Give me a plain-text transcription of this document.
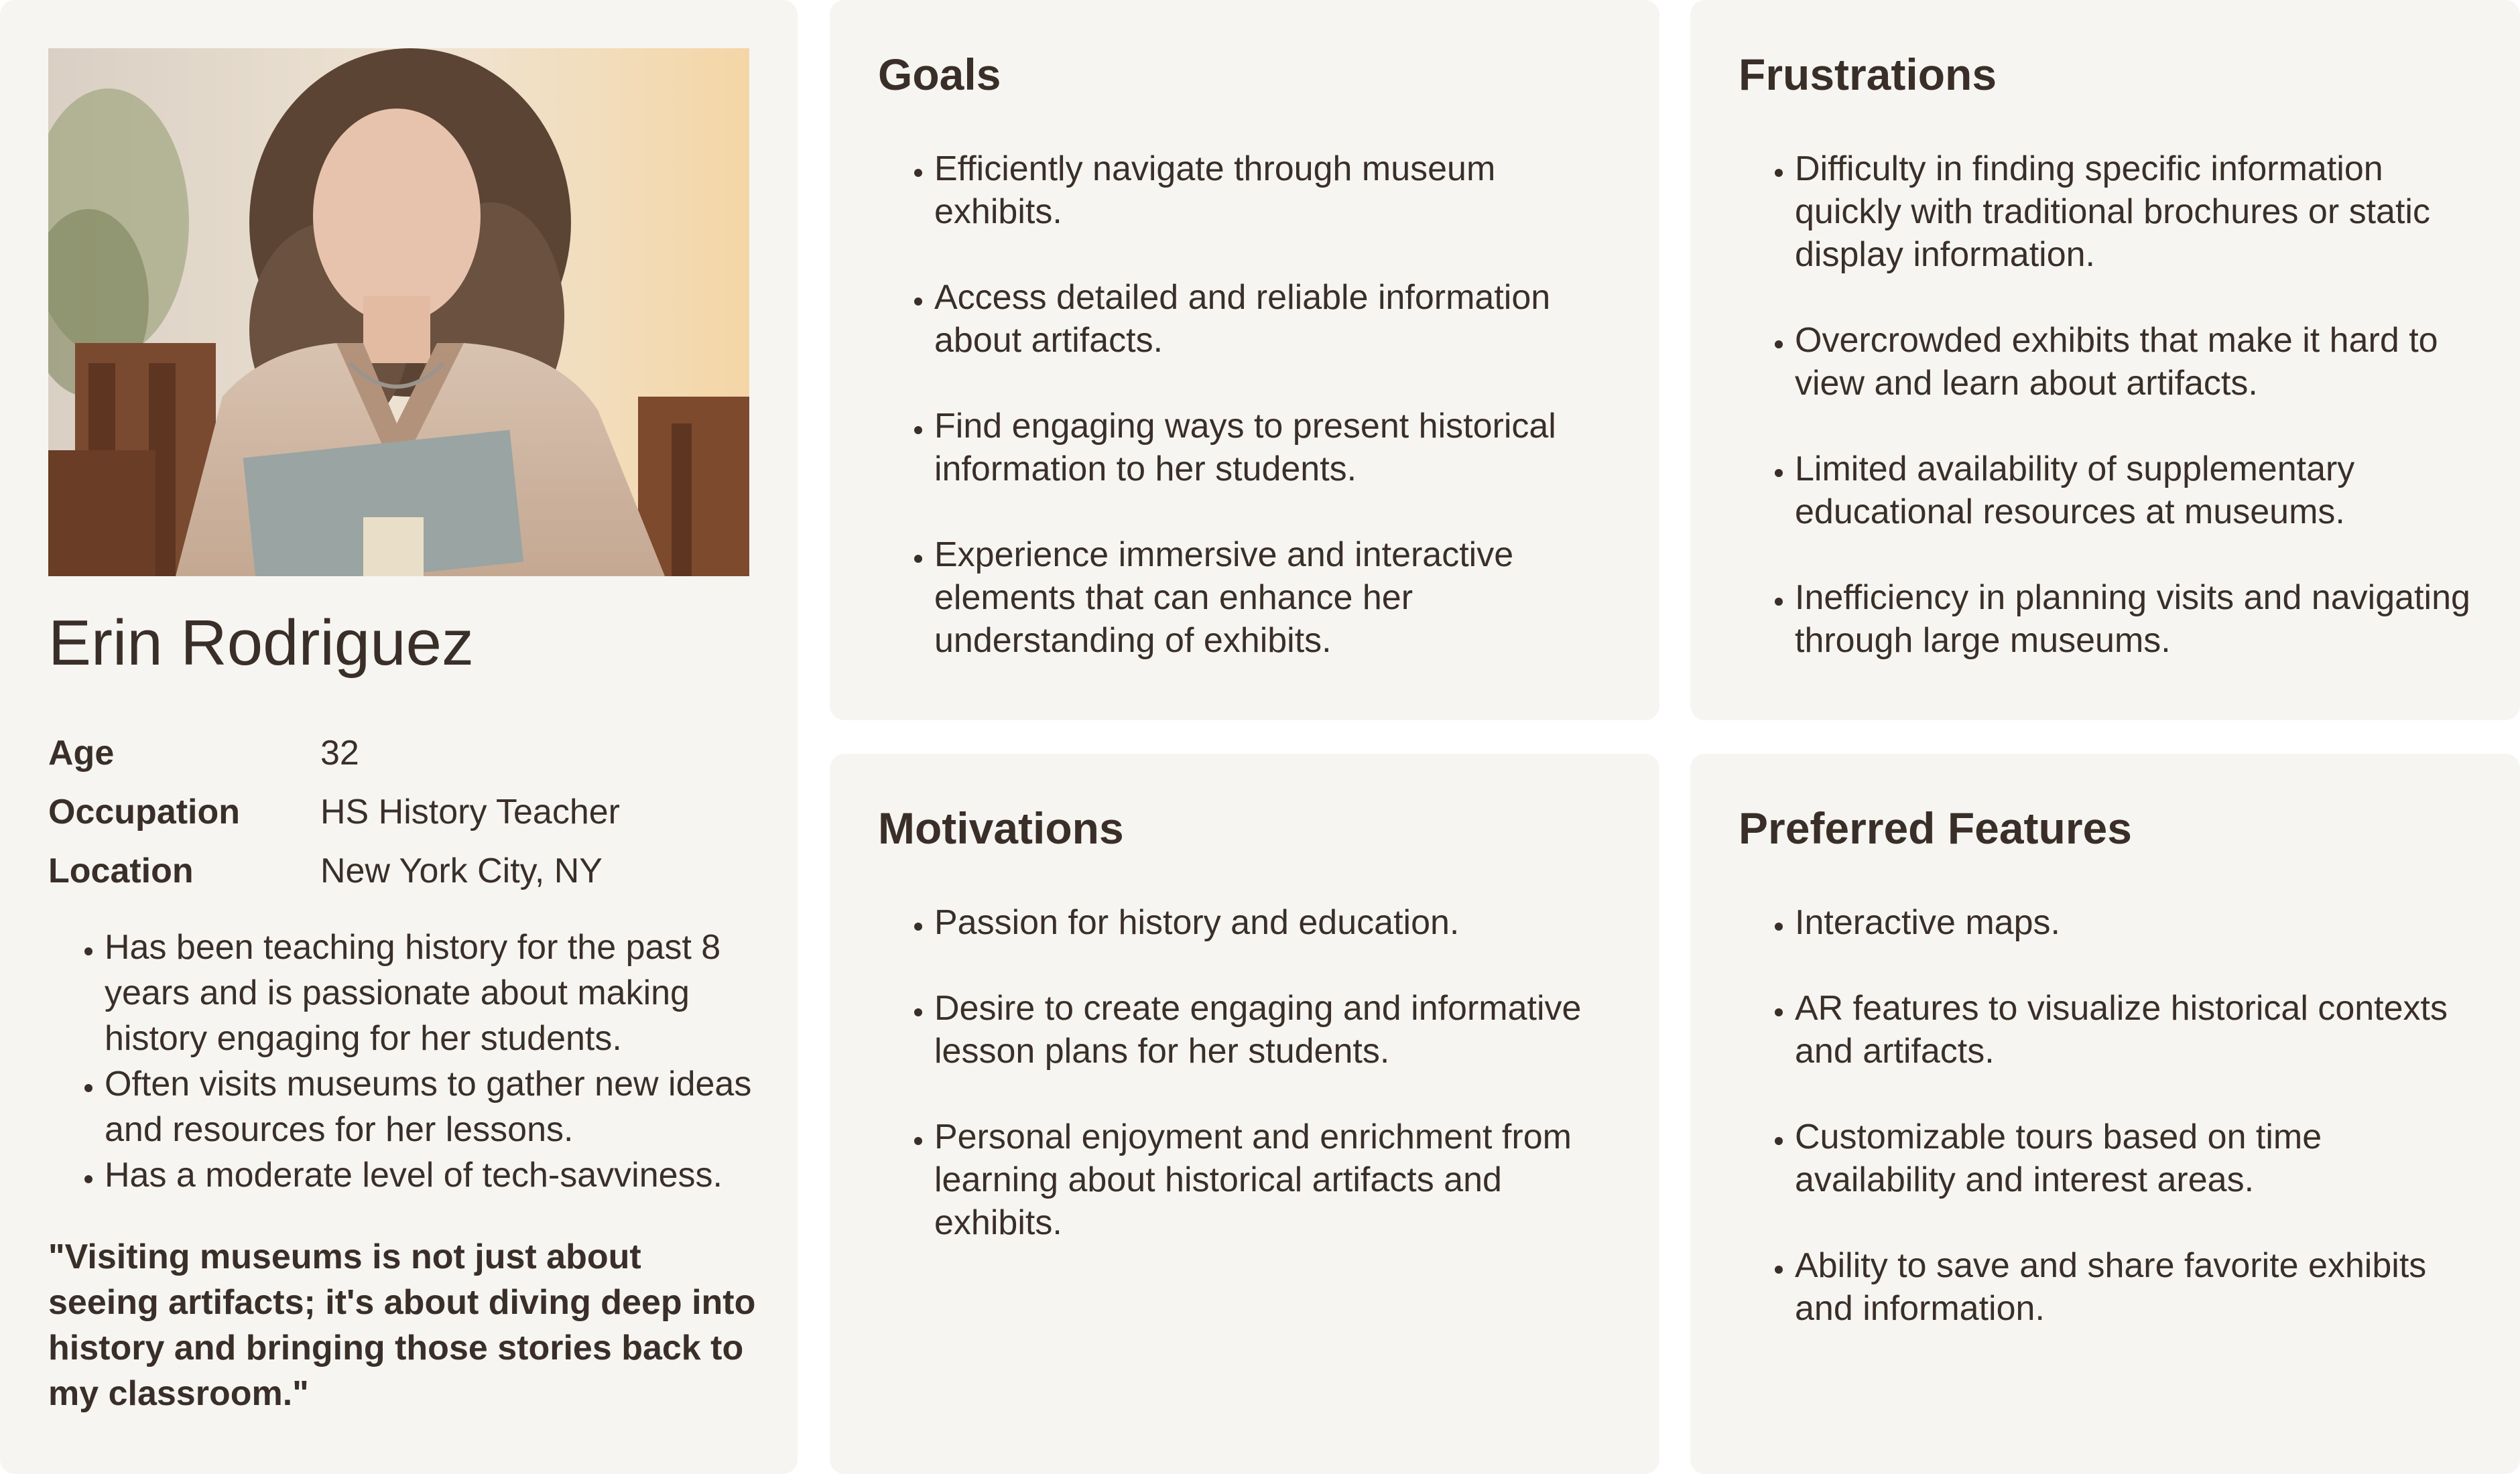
Erin Rodriguez
Age	32
Occupation	HS History Teacher
Location	New York City, NY
• Has been teaching history for the past 8 years and is passionate about making history engaging for her students.
• Often visits museums to gather new ideas and resources for her lessons.
• Has a moderate level of tech-savviness.
"Visiting museums is not just about seeing artifacts; it's about diving deep into history and bringing those stories back to my classroom."
Goals
• Efficiently navigate through museum exhibits.
• Access detailed and reliable information about artifacts.
• Find engaging ways to present historical information to her students.
• Experience immersive and interactive elements that can enhance her understanding of exhibits.
Frustrations
• Difficulty in finding specific information quickly with traditional brochures or static display information.
• Overcrowded exhibits that make it hard to view and learn about artifacts.
• Limited availability of supplementary educational resources at museums.
• Inefficiency in planning visits and navigating through large museums.
Motivations
• Passion for history and education.
• Desire to create engaging and informative lesson plans for her students.
• Personal enjoyment and enrichment from learning about historical artifacts and exhibits.
Preferred Features
• Interactive maps.
• AR features to visualize historical contexts and artifacts.
• Customizable tours based on time availability and interest areas.
• Ability to save and share favorite exhibits and information.
